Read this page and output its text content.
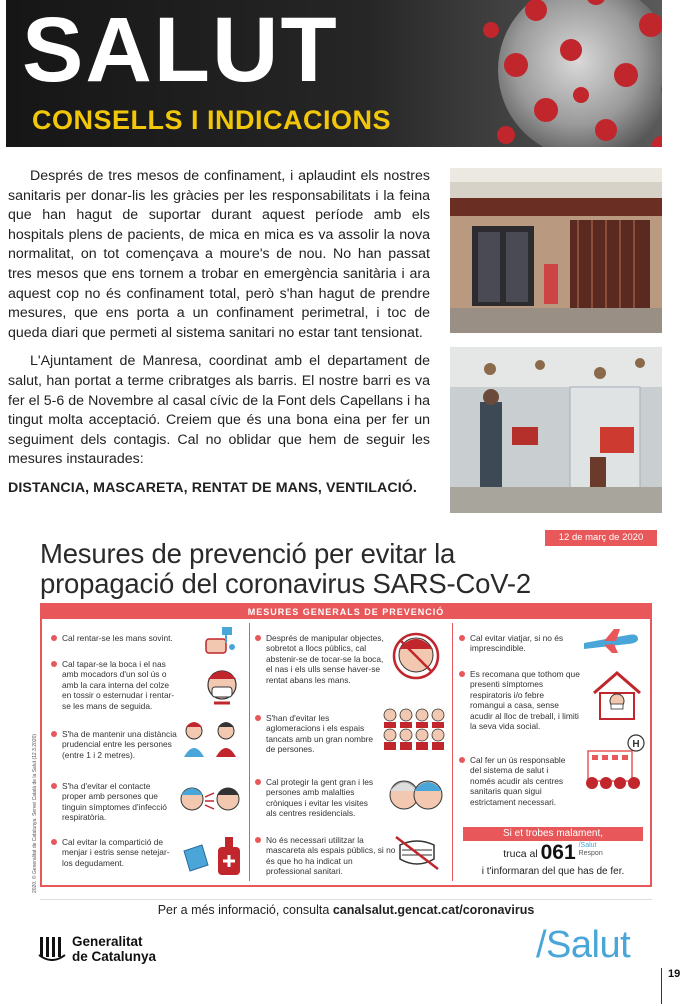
SALUT
CONSELLS I INDICACIONS

Després de tres mesos de confinament, i aplaudint els nostres sanitaris per donar-lis les gràcies per les responsabilitats i la feina que han hagut de suportar durant aquest període amb els hospitals plens de pacients, de mica en mica es va assolir la nova normalitat, on tot començava a moure's de nou. No han passat tres mesos que ens tornem a trobar en emergència sanitària i ara aquest cop no és confinament total, però s'han hagut de prendre mesures, que ens porta a un confinament perimetral, i toc de queda diari que permeti al sistema sanitari no estar tant tensionat.

L'Ajuntament de Manresa, coordinat amb el departament de salut, han portat a terme cribratges als barris. El nostre barri es va fer el 5-6 de Novembre al casal cívic de la Font dels Capellans i ha tingut molta acceptació. Creiem que és una bona eina per fer un seguiment dels contagis. Cal no oblidar que hem de seguir les mesures instaurades:

DISTANCIA, MASCARETA, RENTAT DE MANS, VENTILACIÓ.

12 de març de 2020
Mesures de prevenció per evitar la
propagació del coronavirus SARS-CoV-2
MESURES GENERALS DE PREVENCIÓ
2020. © Generalitat de Catalunya. Servei Català de la Salut (12.3.2020)
Cal rentar-se les mans sovint.
Cal tapar-se la boca i el nas amb mocadors d'un sol ús o amb la cara interna del colze en tossir o esternudar i rentar-se les mans de seguida.
S'ha de mantenir una distància prudencial entre les persones (entre 1 i 2 metres).
S'ha d'evitar el contacte proper amb persones que tinguin símptomes d'infecció respiratòria.
Cal evitar la compartició de menjar i estris sense netejar-los degudament.
Després de manipular objectes, sobretot a llocs públics, cal abstenir-se de tocar-se la boca, el nas i els ulls sense haver-se rentat abans les mans.
S'han d'evitar les aglomeracions i els espais tancats amb un gran nombre de persones.
Cal protegir la gent gran i les persones amb malalties cròniques i evitar les visites als centres residencials.
No és necessari utilitzar la mascareta als espais públics, si no és que ho ha indicat un professional sanitari.
Cal evitar viatjar, si no és imprescindible.
Es recomana que tothom que presenti símptomes respiratoris i/o febre romangui a casa, sense acudir al lloc de treball, i limiti la seva vida social.
Cal fer un ús responsable del sistema de salut i només acudir als centres sanitaris quan sigui estrictament necessari.
H
Si et trobes malament,
truca al 061 /Salut
Respon
i t'informaran del que has de fer.
Per a més informació, consulta canalsalut.gencat.cat/coronavirus
Generalitat
de Catalunya	/Salut
19
